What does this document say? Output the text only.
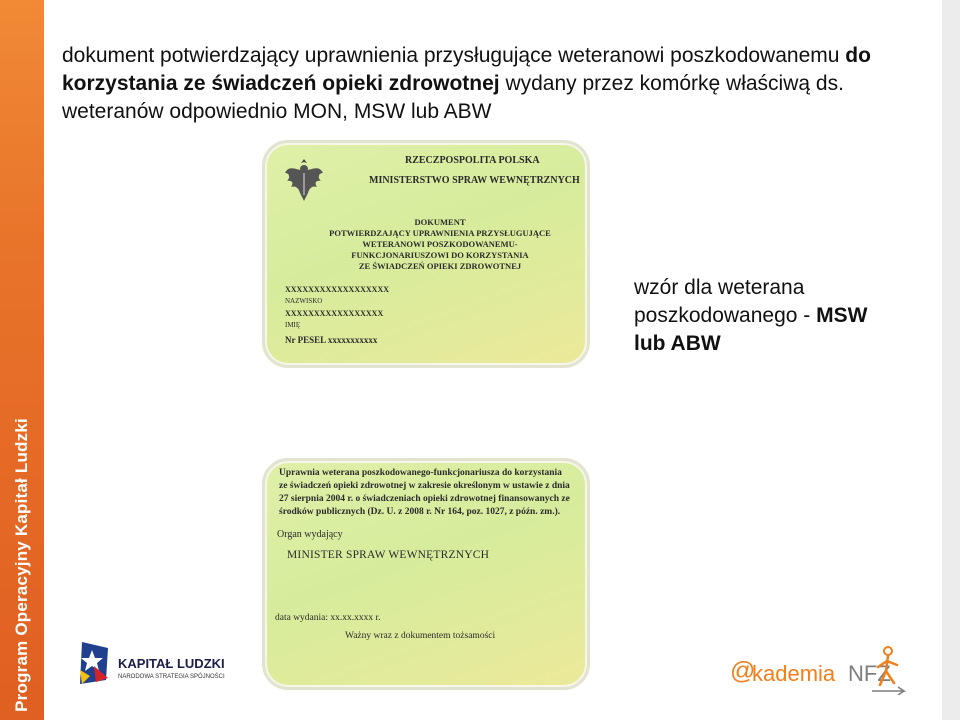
Program Operacyjny Kapitał Ludzki
dokument potwierdzający uprawnienia przysługujące weteranowi poszkodowanemu do korzystania ze świadczeń opieki zdrowotnej wydany przez komórkę właściwą ds. weteranów odpowiednio MON, MSW lub ABW
RZECZPOSPOLITA POLSKA
MINISTERSTWO SPRAW WEWNĘTRZNYCH
DOKUMENT
POTWIERDZAJĄCY UPRAWNIENIA PRZYSŁUGUJĄCE
WETERANOWI POSZKODOWANEMU-
FUNKCJONARIUSZOWI DO KORZYSTANIA
ZE ŚWIADCZEŃ OPIEKI ZDROWOTNEJ
XXXXXXXXXXXXXXXXXX
NAZWISKO
XXXXXXXXXXXXXXXXX
IMIĘ
Nr PESEL xxxxxxxxxxx
Uprawnia weterana poszkodowanego-funkcjonariusza do korzystania
ze świadczeń opieki zdrowotnej w zakresie określonym w ustawie z dnia
27 sierpnia 2004 r. o świadczeniach opieki zdrowotnej finansowanych ze
środków publicznych (Dz. U. z 2008 r. Nr 164, poz. 1027, z późn. zm.).
Organ wydający
MINISTER SPRAW WEWNĘTRZNYCH
data wydania: xx.xx.xxxx r.
Ważny wraz z dokumentem tożsamości
wzór dla weterana
poszkodowanego - MSW
lub ABW
KAPITAŁ LUDZKI
NARODOWA STRATEGIA SPÓJNOŚCI	@
kademia NFZ
